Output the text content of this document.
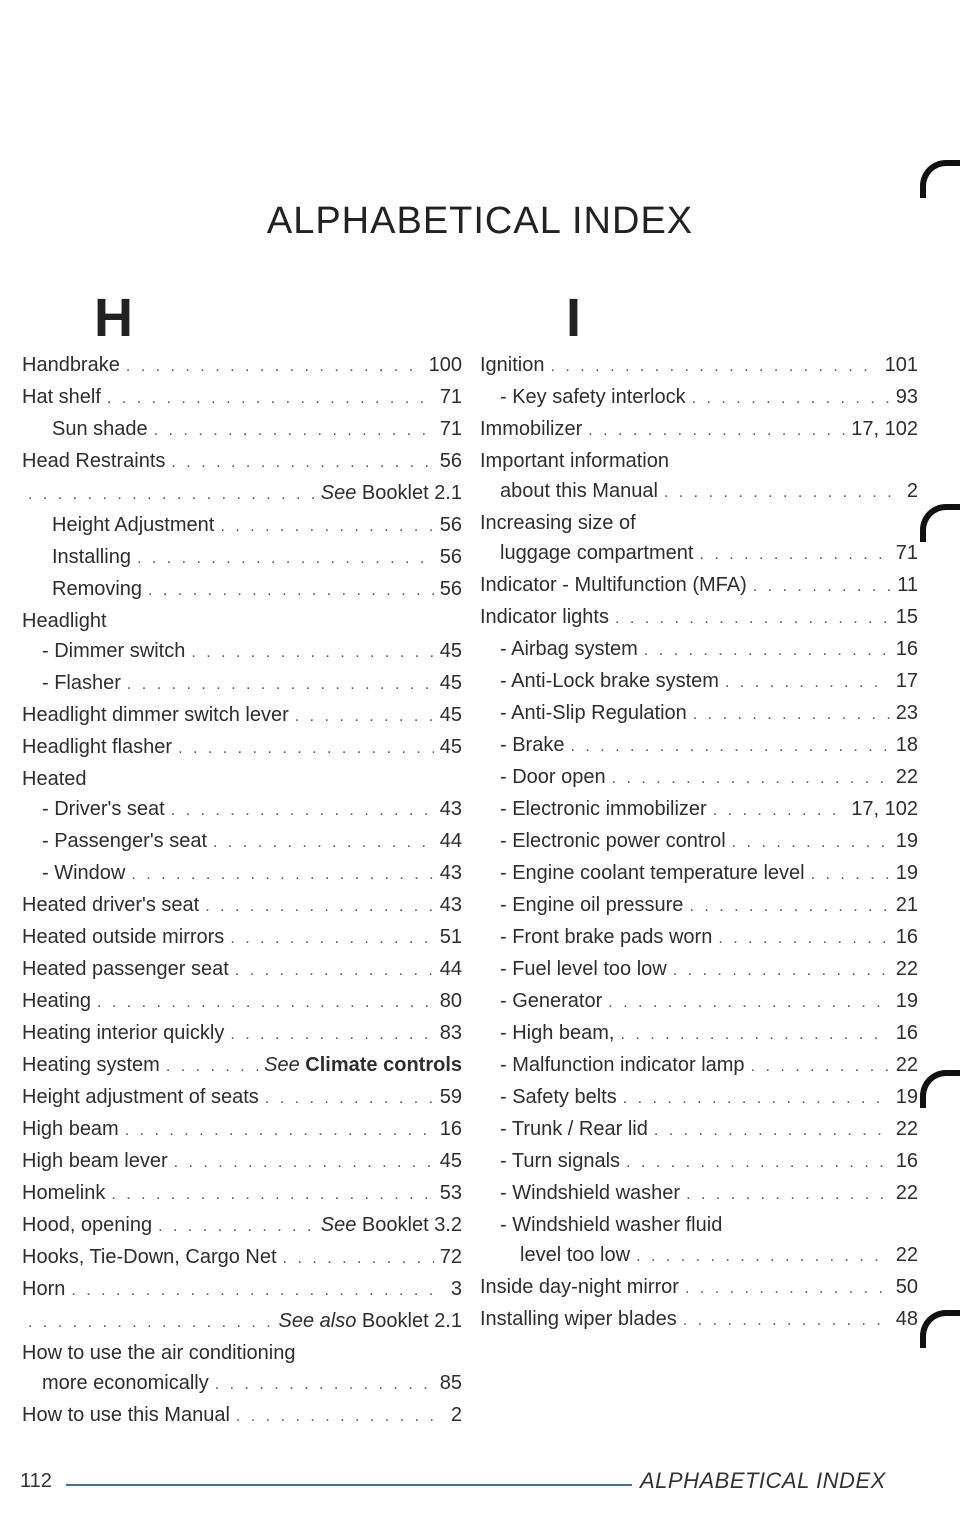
ALPHABETICAL INDEX
H
Handbrake . . .	100
Hat shelf . . .	71
Sun shade . . .	71
Head Restraints . . .	56
. . .
See Booklet 2.1
Height Adjustment . . .	56
Installing . . .	56
Removing . . .	56
Headlight
- Dimmer switch . . .	45
- Flasher . . .	45
Headlight dimmer switch lever . . .	45
Headlight flasher . . .	45
Heated
- Driver's seat . . .	43
- Passenger's seat . . .	44
- Window . . .	43
Heated driver's seat . . .	43
Heated outside mirrors . . .	51
Heated passenger seat . . .	44
Heating . . .	80
Heating interior quickly . . .	83
Heating system . . .	See Climate controls
Height adjustment of seats . . .	59
High beam . . .	16
High beam lever . . .	45
Homelink . . .	53
Hood, opening . . .	See Booklet 3.2
Hooks, Tie-Down, Cargo Net . . .	72
Horn . . .	3
. . .
See also Booklet 2.1
How to use the air conditioning
more economically . . .	85
How to use this Manual . . .	2
I
Ignition . . .	101
- Key safety interlock . . .	93
Immobilizer . . .	17, 102
Important information
about this Manual . . .	2
Increasing size of
luggage compartment . . .	71
Indicator - Multifunction (MFA) . . .	11
Indicator lights . . .	15
- Airbag system . . .	16
- Anti-Lock brake system . . .	17
- Anti-Slip Regulation . . .	23
- Brake . . .	18
- Door open . . .	22
- Electronic immobilizer . . .	17, 102
- Electronic power control . . .	19
- Engine coolant temperature level . . .	19
- Engine oil pressure . . .	21
- Front brake pads worn . . .	16
- Fuel level too low . . .	22
- Generator . . .	19
- High beam, . . .	16
- Malfunction indicator lamp . . .	22
- Safety belts . . .	19
- Trunk / Rear lid . . .	22
- Turn signals . . .	16
- Windshield washer . . .	22
- Windshield washer fluid
level too low . . .	22
Inside day-night mirror . . .	50
Installing wiper blades . . .	48
112	ALPHABETICAL INDEX
